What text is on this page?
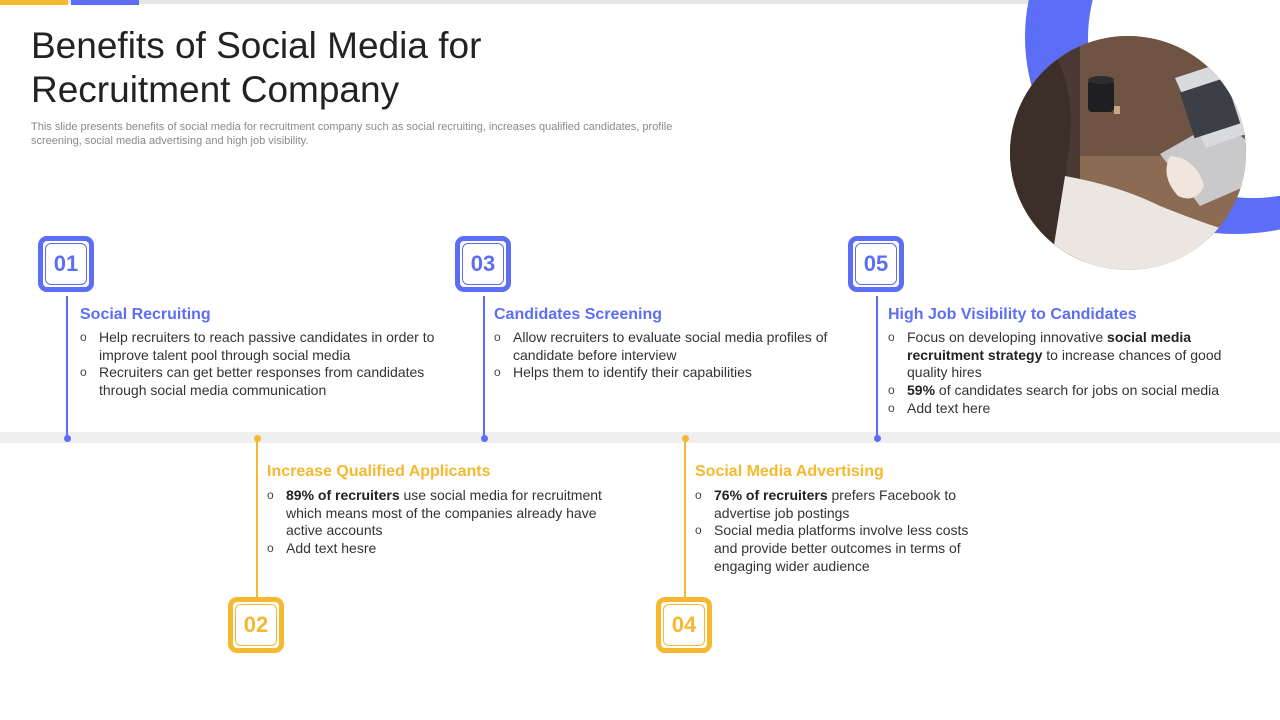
Benefits of Social Media for Recruitment Company
This slide presents benefits of social media for recruitment company such as social recruiting, increases qualified candidates, profile screening, social media advertising and high job visibility.
01
Social Recruiting
o Help recruiters to reach passive candidates in order to improve talent pool through social media
o Recruiters can get better responses from candidates through social media communication
03
Candidates Screening
o Allow recruiters to evaluate social media profiles of candidate before interview
o Helps them to identify their capabilities
05
High Job Visibility to Candidates
o Focus on developing innovative social media recruitment strategy to increase chances of good quality hires
o 59% of candidates search for jobs on social media
o Add text here
02
Increase Qualified Applicants
o 89% of recruiters use social media for recruitment which means most of the companies already have active accounts
o Add text hesre
04
Social Media Advertising
o 76% of recruiters prefers Facebook to advertise job postings
o Social media platforms involve less costs and provide better outcomes in terms of engaging wider audience
